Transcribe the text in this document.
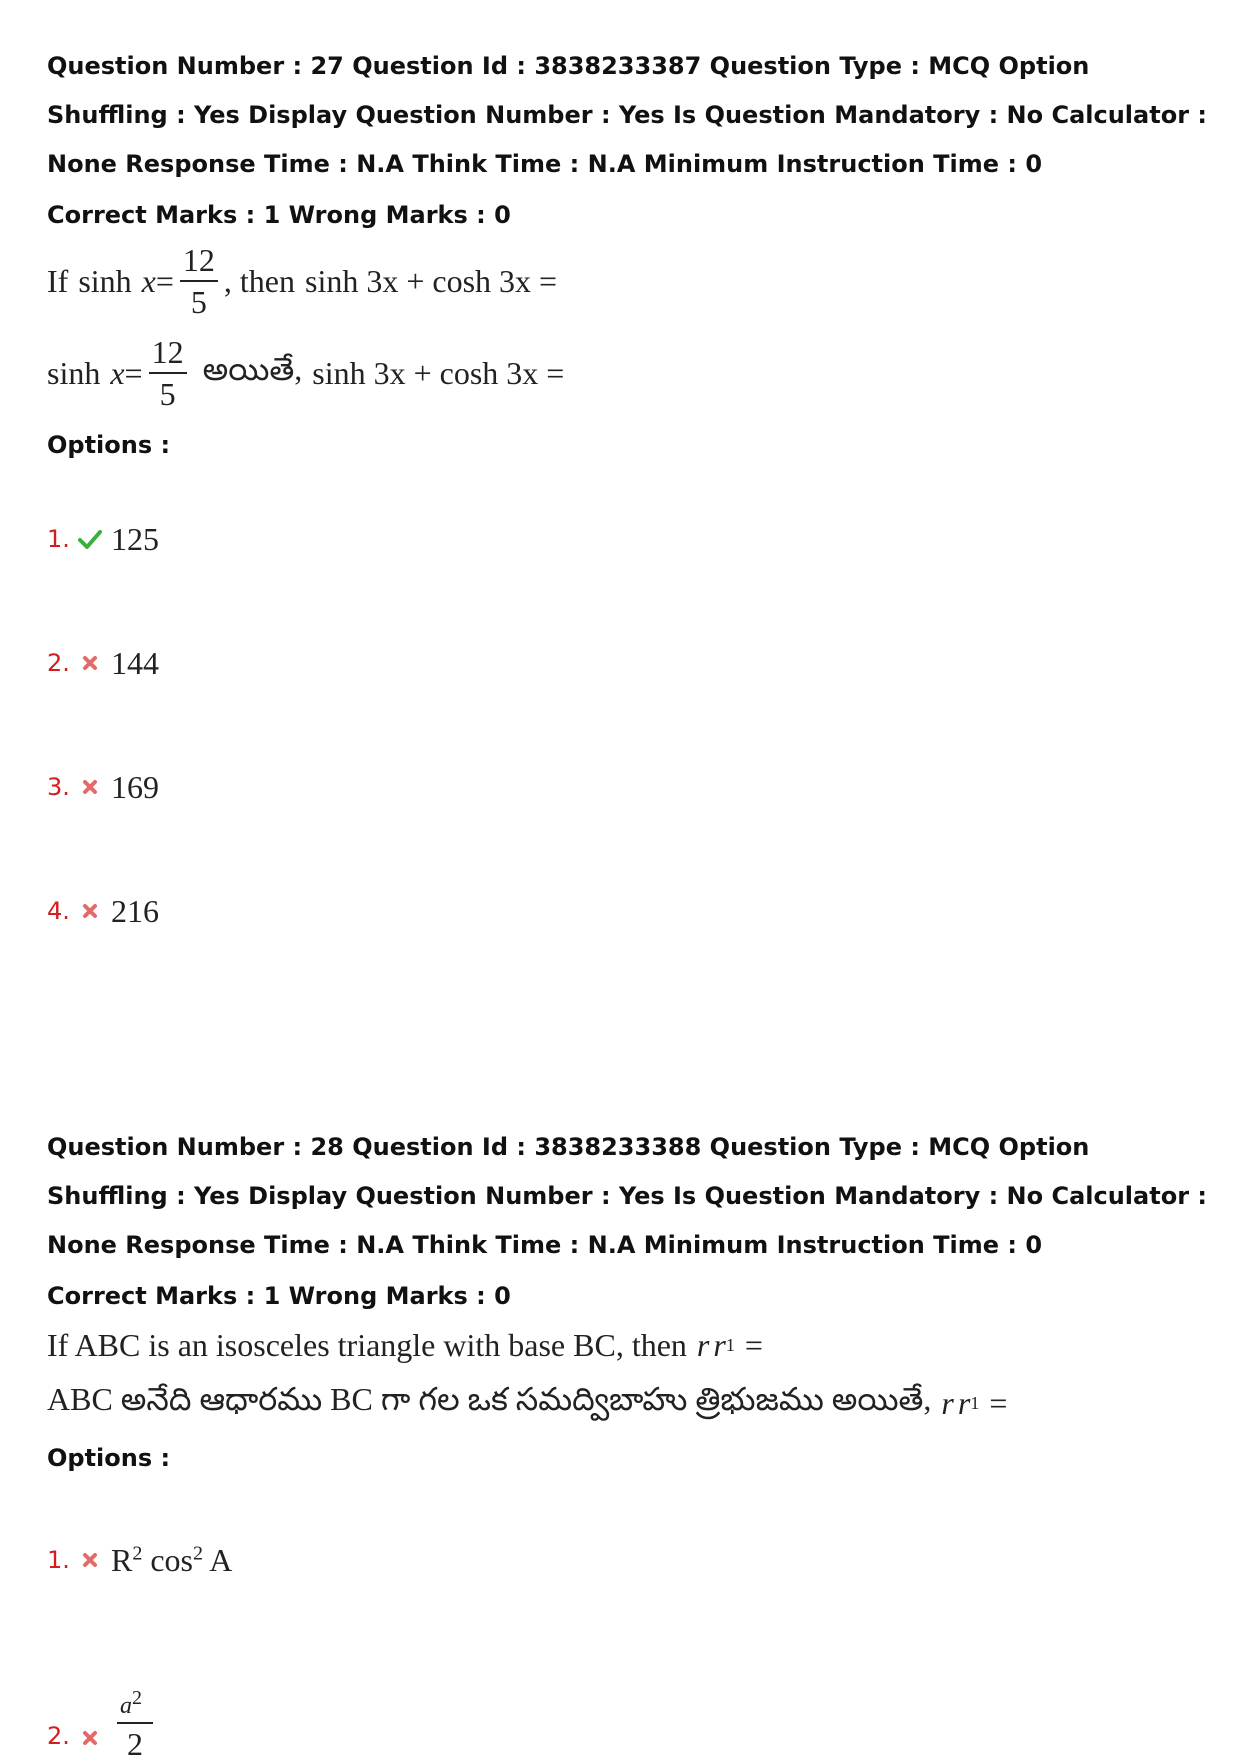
Question Number : 27 Question Id : 3838233387 Question Type : MCQ Option Shuffling : Yes Display Question Number : Yes Is Question Mandatory : No Calculator : None Response Time : N.A Think Time : N.A Minimum Instruction Time : 0

Correct Marks : 1 Wrong Marks : 0

If $\sinh x = \frac{12}{5}$ , then sinh 3x + cosh 3x =
$\sinh x = \frac{12}{5}$ అయితే, sinh 3x + cosh 3x =

Options :

1. 125
2. 144
3. 169
4. 216

Question Number : 28 Question Id : 3838233388 Question Type : MCQ Option Shuffling : Yes Display Question Number : Yes Is Question Mandatory : No Calculator : None Response Time : N.A Think Time : N.A Minimum Instruction Time : 0

Correct Marks : 1 Wrong Marks : 0

If ABC is an isosceles triangle with base BC, then r r 1 =
ABC అనేది ఆధారము BC గా గల ఒక సమద్విబాహు త్రిభుజము అయితే, r r 1 =

Options :

1. $R^2$ $\cos^2 A$
2. $\frac{a^2}{2}$
